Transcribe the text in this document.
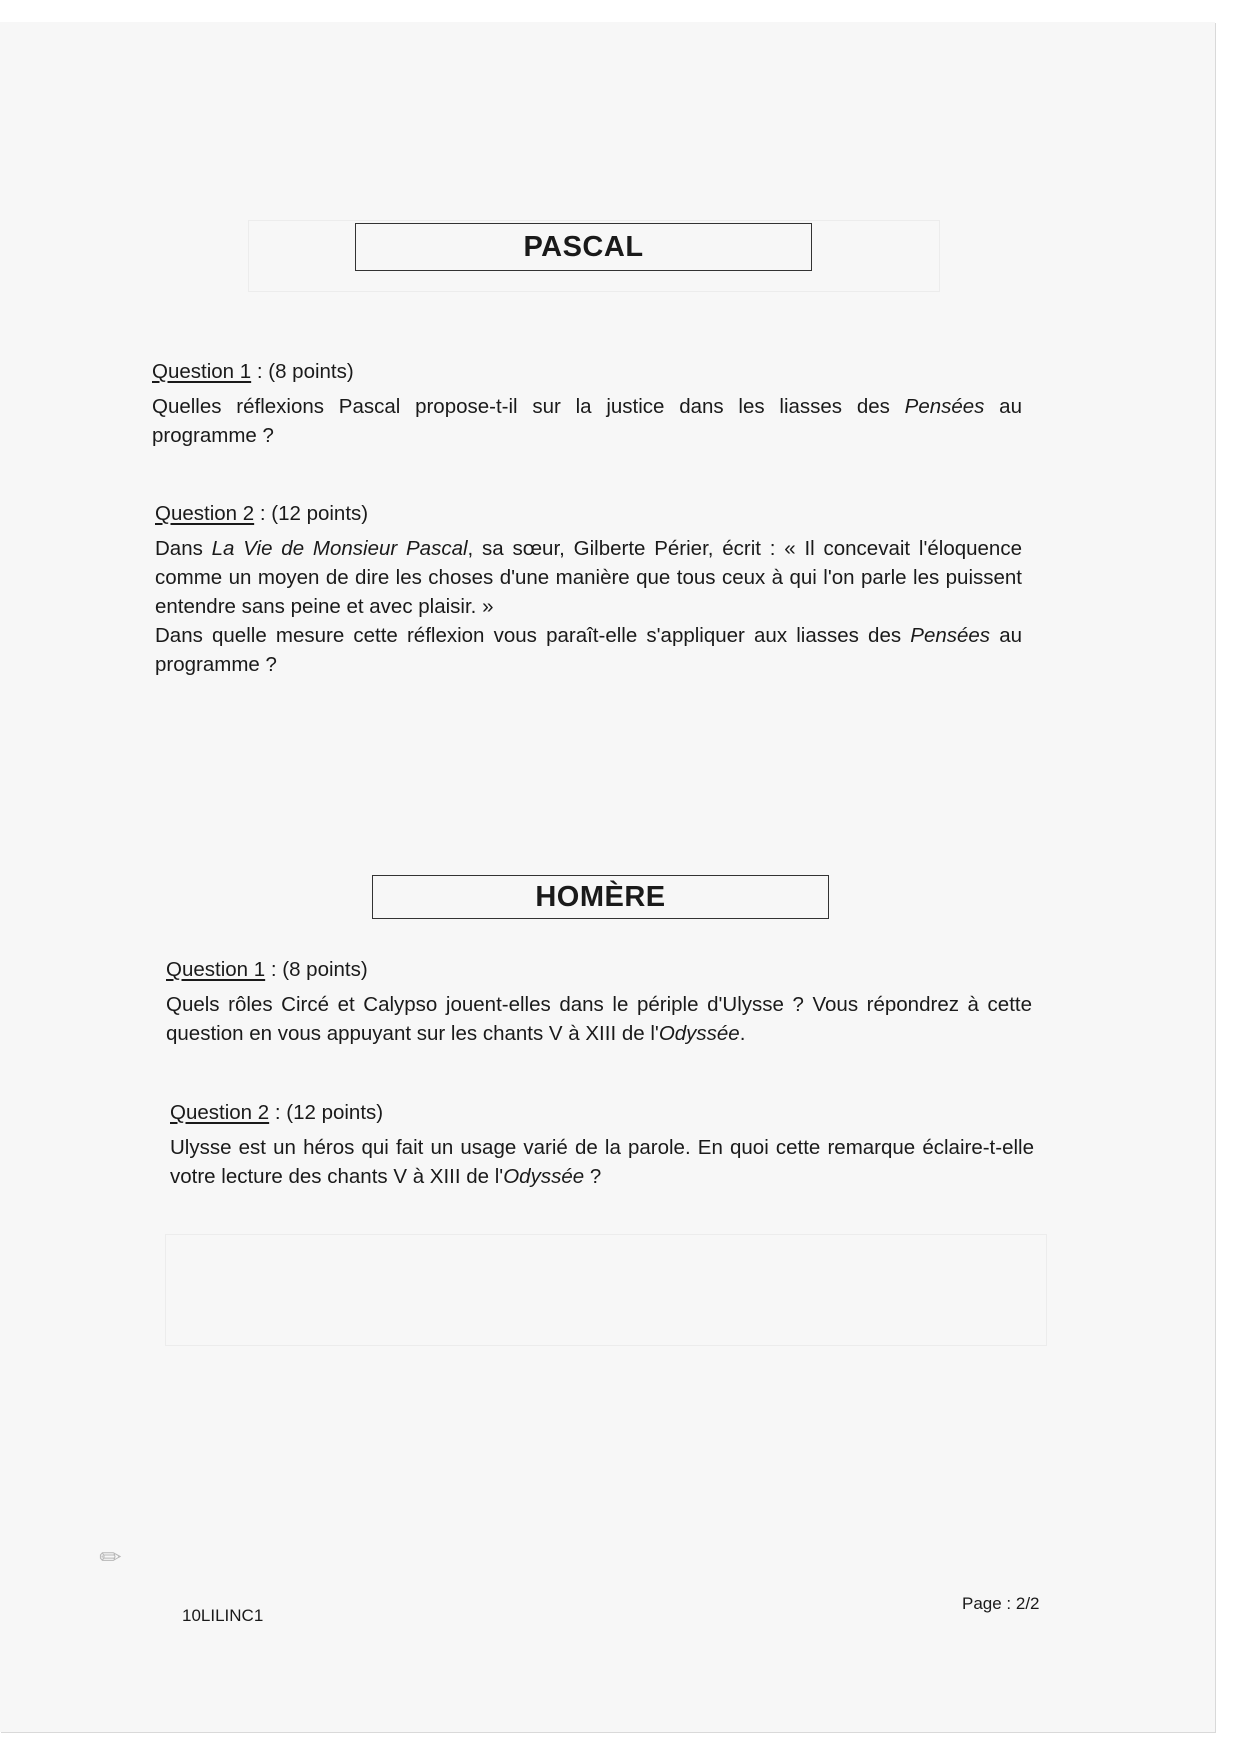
✎
PASCAL

Question 1 : (8 points)

Quelles réflexions Pascal propose-t-il sur la justice dans les liasses des Pensées au programme ?

Question 2 : (12 points)

Dans La Vie de Monsieur Pascal, sa sœur, Gilberte Périer, écrit : « Il concevait l'éloquence comme un moyen de dire les choses d'une manière que tous ceux à qui l'on parle les puissent entendre sans peine et avec plaisir. »

Dans quelle mesure cette réflexion vous paraît-elle s'appliquer aux liasses des Pensées au programme ?

HOMÈRE

Question 1 : (8 points)

Quels rôles Circé et Calypso jouent-elles dans le périple d'Ulysse ? Vous répondrez à cette question en vous appuyant sur les chants V à XIII de l'Odyssée.

Question 2 : (12 points)

Ulysse est un héros qui fait un usage varié de la parole. En quoi cette remarque éclaire-t-elle votre lecture des chants V à XIII de l'Odyssée ?

10LILINC1
Page : 2/2
